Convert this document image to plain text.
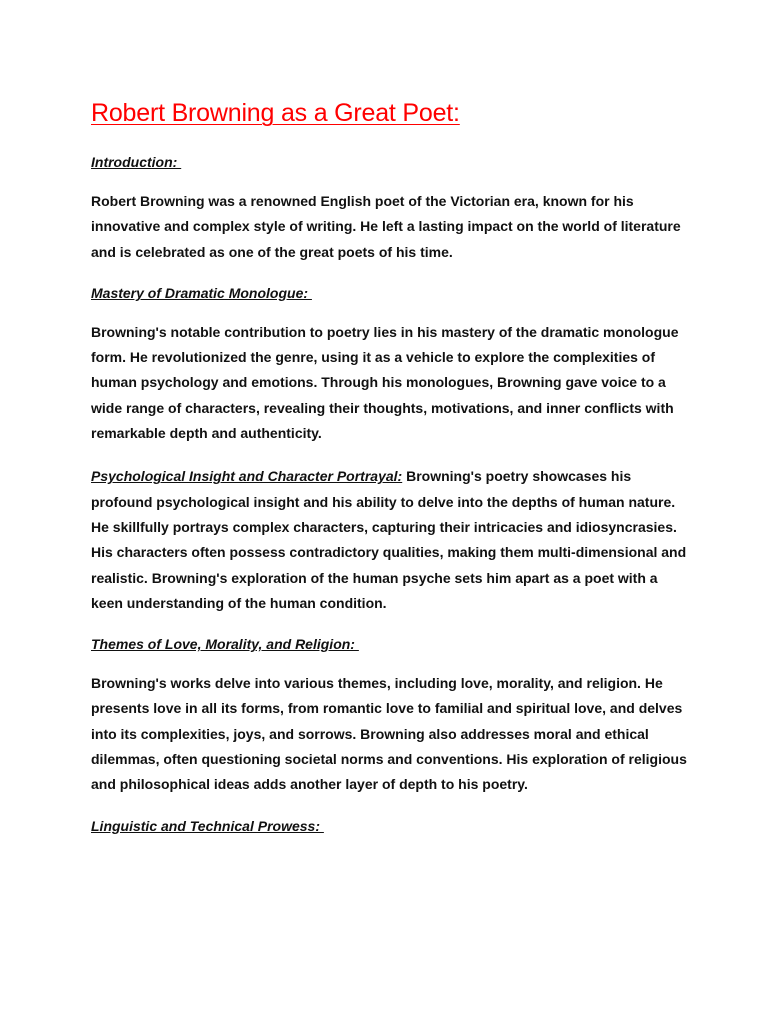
Robert Browning as a Great Poet:
Introduction:

Robert Browning was a renowned English poet of the Victorian era, known for his innovative and complex style of writing. He left a lasting impact on the world of literature and is celebrated as one of the great poets of his time.

Mastery of Dramatic Monologue:

Browning's notable contribution to poetry lies in his mastery of the dramatic monologue form. He revolutionized the genre, using it as a vehicle to explore the complexities of human psychology and emotions. Through his monologues, Browning gave voice to a wide range of characters, revealing their thoughts, motivations, and inner conflicts with remarkable depth and authenticity.

Psychological Insight and Character Portrayal: Browning's poetry showcases his profound psychological insight and his ability to delve into the depths of human nature. He skillfully portrays complex characters, capturing their intricacies and idiosyncrasies. His characters often possess contradictory qualities, making them multi-dimensional and realistic. Browning's exploration of the human psyche sets him apart as a poet with a keen understanding of the human condition.

Themes of Love, Morality, and Religion:

Browning's works delve into various themes, including love, morality, and religion. He presents love in all its forms, from romantic love to familial and spiritual love, and delves into its complexities, joys, and sorrows. Browning also addresses moral and ethical dilemmas, often questioning societal norms and conventions. His exploration of religious and philosophical ideas adds another layer of depth to his poetry.

Linguistic and Technical Prowess:
